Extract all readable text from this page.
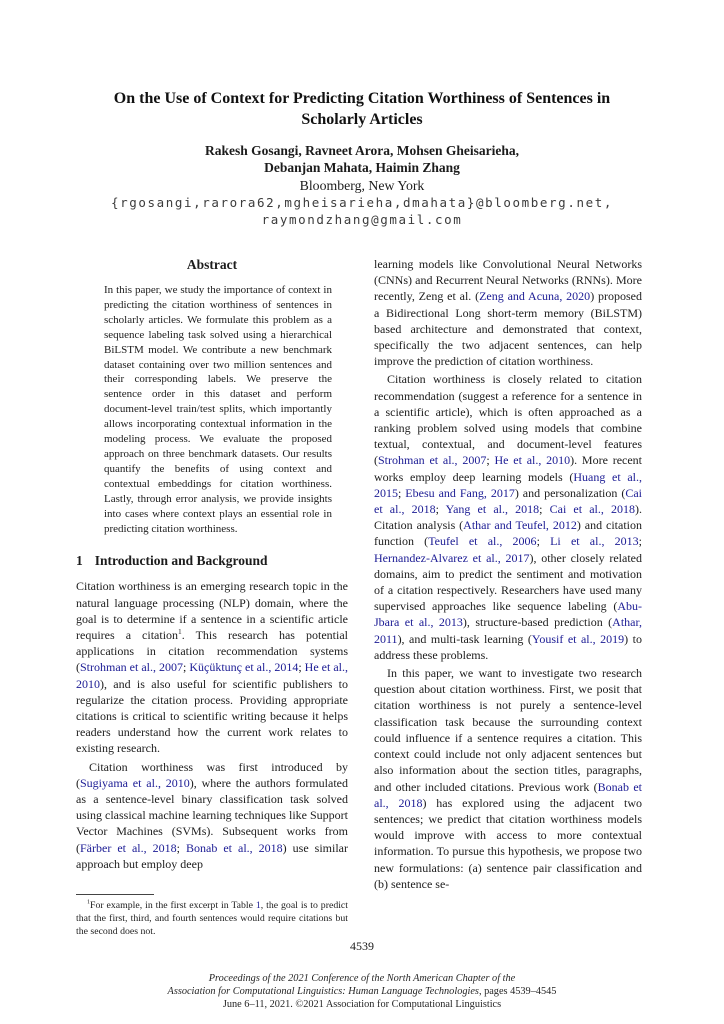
On the Use of Context for Predicting Citation Worthiness of Sentences in
Scholarly Articles
Rakesh Gosangi, Ravneet Arora, Mohsen Gheisarieha,
Debanjan Mahata, Haimin Zhang
Bloomberg, New York
{rgosangi,rarora62,mgheisarieha,dmahata}@bloomberg.net,
raymondzhang@gmail.com
Abstract

In this paper, we study the importance of context in predicting the citation worthiness of sentences in scholarly articles. We formulate this problem as a sequence labeling task solved using a hierarchical BiLSTM model. We contribute a new benchmark dataset containing over two million sentences and their corresponding labels. We preserve the sentence order in this dataset and perform document-level train/test splits, which importantly allows incorporating contextual information in the modeling process. We evaluate the proposed approach on three benchmark datasets. Our results quantify the benefits of using context and contextual embeddings for citation worthiness. Lastly, through error analysis, we provide insights into cases where context plays an essential role in predicting citation worthiness.

1 Introduction and Background

Citation worthiness is an emerging research topic in the natural language processing (NLP) domain, where the goal is to determine if a sentence in a scientific article requires a citation$^1$. This research has potential applications in citation recommendation systems (Strohman et al., 2007; Küçüktunç et al., 2014; He et al., 2010), and is also useful for scientific publishers to regularize the citation process. Providing appropriate citations is critical to scientific writing because it helps readers understand how the current work relates to existing research.

Citation worthiness was first introduced by (Sugiyama et al., 2010), where the authors formulated as a sentence-level binary classification task solved using classical machine learning techniques like Support Vector Machines (SVMs). Subsequent works from (Färber et al., 2018; Bonab et al., 2018) use similar approach but employ deep

$^1$For example, in the first excerpt in Table 1, the goal is to predict that the first, third, and fourth sentences would require citations but the second does not.

learning models like Convolutional Neural Networks (CNNs) and Recurrent Neural Networks (RNNs). More recently, Zeng et al. (Zeng and Acuna, 2020) proposed a Bidirectional Long short-term memory (BiLSTM) based architecture and demonstrated that context, specifically the two adjacent sentences, can help improve the prediction of citation worthiness.

Citation worthiness is closely related to citation recommendation (suggest a reference for a sentence in a scientific article), which is often approached as a ranking problem solved using models that combine textual, contextual, and document-level features (Strohman et al., 2007; He et al., 2010). More recent works employ deep learning models (Huang et al., 2015; Ebesu and Fang, 2017) and personalization (Cai et al., 2018; Yang et al., 2018; Cai et al., 2018). Citation analysis (Athar and Teufel, 2012) and citation function (Teufel et al., 2006; Li et al., 2013; Hernandez-Alvarez et al., 2017), other closely related domains, aim to predict the sentiment and motivation of a citation respectively. Researchers have used many supervised approaches like sequence labeling (Abu-Jbara et al., 2013), structure-based prediction (Athar, 2011), and multi-task learning (Yousif et al., 2019) to address these problems.

In this paper, we want to investigate two research question about citation worthiness. First, we posit that citation worthiness is not purely a sentence-level classification task because the surrounding context could influence if a sentence requires a citation. This context could include not only adjacent sentences but also information about the section titles, paragraphs, and other included citations. Previous work (Bonab et al., 2018) has explored using the adjacent two sentences; we predict that citation worthiness models would improve with access to more contextual information. To pursue this hypothesis, we propose two new formulations: (a) sentence pair classification and (b) sentence se-

4539
Proceedings of the 2021 Conference of the North American Chapter of the
Association for Computational Linguistics: Human Language Technologies, pages 4539–4545
June 6–11, 2021. ©2021 Association for Computational Linguistics
